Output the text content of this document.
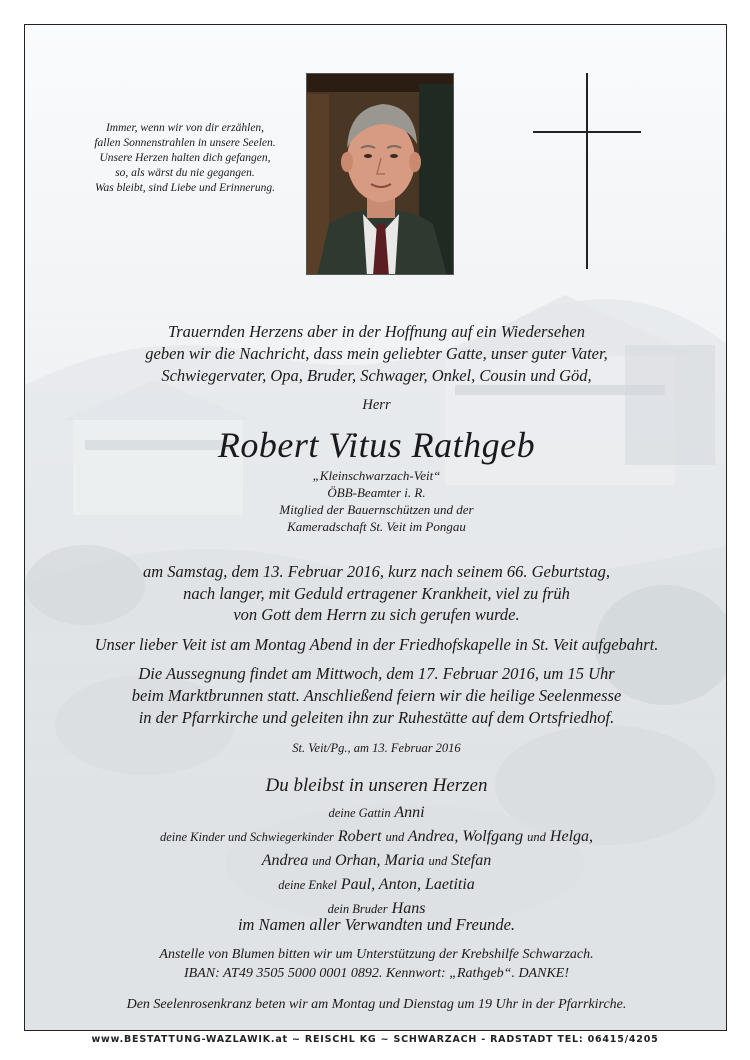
Immer, wenn wir von dir erzählen,
fallen Sonnenstrahlen in unsere Seelen.
Unsere Herzen halten dich gefangen,
so, als wärst du nie gegangen.
Was bleibt, sind Liebe und Erinnerung.
Trauernden Herzens aber in der Hoffnung auf ein Wiedersehen
geben wir die Nachricht, dass mein geliebter Gatte, unser guter Vater,
Schwiegervater, Opa, Bruder, Schwager, Onkel, Cousin und Göd,
Herr
Robert Vitus Rathgeb
„Kleinschwarzach-Veit“
ÖBB-Beamter i. R.
Mitglied der Bauernschützen und der
Kameradschaft St. Veit im Pongau
am Samstag, dem 13. Februar 2016, kurz nach seinem 66. Geburtstag,
nach langer, mit Geduld ertragener Krankheit, viel zu früh
von Gott dem Herrn zu sich gerufen wurde.
Unser lieber Veit ist am Montag Abend in der Friedhofskapelle in St. Veit aufgebahrt.
Die Aussegnung findet am Mittwoch, dem 17. Februar 2016, um 15 Uhr
beim Marktbrunnen statt. Anschließend feiern wir die heilige Seelenmesse
in der Pfarrkirche und geleiten ihn zur Ruhestätte auf dem Ortsfriedhof.
St. Veit/Pg., am 13. Februar 2016
Du bleibst in unseren Herzen
deine Gattin Anni
deine Kinder und Schwiegerkinder Robert und Andrea, Wolfgang und Helga,
Andrea und Orhan, Maria und Stefan
deine Enkel Paul, Anton, Laetitia
dein Bruder Hans
im Namen aller Verwandten und Freunde.
Anstelle von Blumen bitten wir um Unterstützung der Krebshilfe Schwarzach.
IBAN: AT49 3505 5000 0001 0892. Kennwort: „Rathgeb“. DANKE!
Den Seelenrosenkranz beten wir am Montag und Dienstag um 19 Uhr in der Pfarrkirche.
www.BESTATTUNG-WAZLAWIK.at ~ REISCHL KG ~ SCHWARZACH - RADSTADT TEL: 06415/4205
